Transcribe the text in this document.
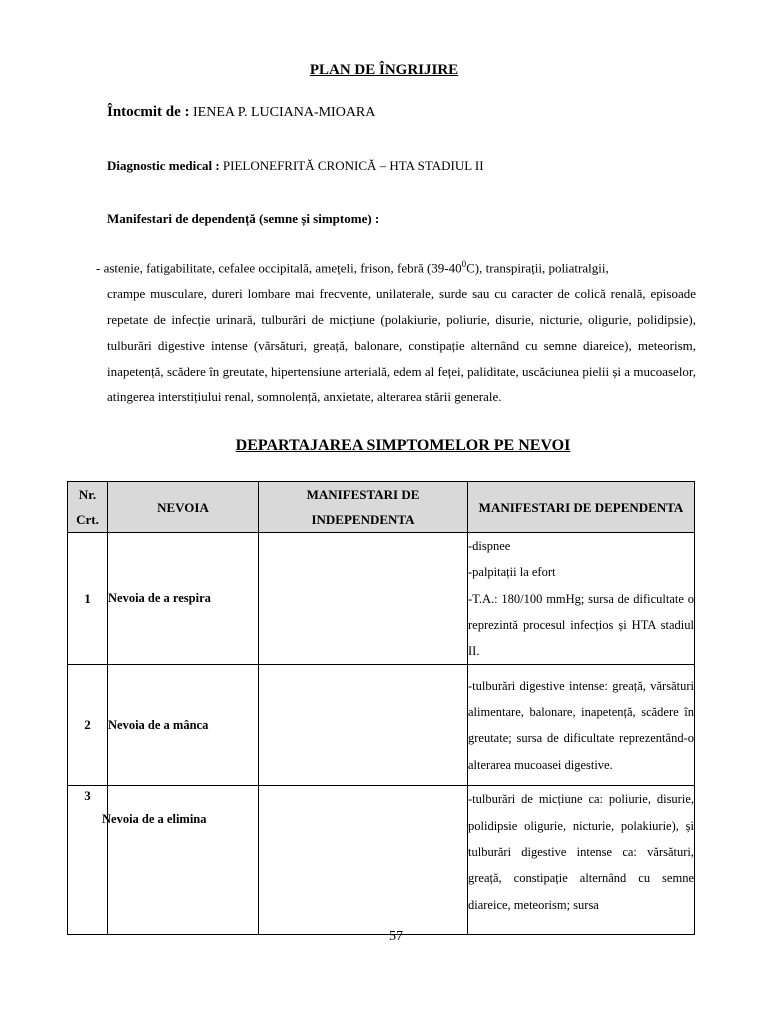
PLAN DE ÎNGRIJIRE
Întocmit de : IENEA P. LUCIANA-MIOARA
Diagnostic medical : PIELONEFRITĂ CRONICĂ – HTA STADIUL II
Manifestari de dependență (semne și simptome) :
- astenie, fatigabilitate, cefalee occipitală, amețeli, frison, febră $(39-40^0C)$, transpirații, poliatralgii,
crampe musculare, dureri lombare mai frecvente, unilaterale, surde sau cu caracter de colică renală, episoade repetate de infecție urinară, tulburări de micțiune (polakiurie, poliurie, disurie, nicturie, oligurie, polidipsie), tulburări digestive intense (vărsături, greață, balonare, constipație alternând cu semne diareice), meteorism, inapetență, scădere în greutate, hipertensiune arterială, edem al feței, paliditate, uscăciunea pielii și a mucoaselor, atingerea interstițiului renal, somnolență, anxietate, alterarea stării generale.
DEPARTAJAREA SIMPTOMELOR PE NEVOI
Nr. Crt.	NEVOIA	MANIFESTARI DE INDEPENDENTA	MANIFESTARI DE DEPENDENTA
1	Nevoia de a respira		-dispnee
-palpitații la efort
-T.A.: 180/100 mmHg; sursa de dificultate o reprezintă procesul infecțios și HTA stadiul II.

2	Nevoia de a mânca		-tulburări digestive intense: greață, vărsături alimentare, balonare, inapetență, scădere în greutate; sursa de dificultate reprezentând-o alterarea mucoasei digestive.

3	Nevoia de a elimina		-tulburări de micțiune ca: poliurie, disurie, polidipsie oligurie, nicturie, polakiurie), și tulburări digestive intense ca: vărsături, greață, constipație alternând cu semne diareice, meteorism; sursa
57
